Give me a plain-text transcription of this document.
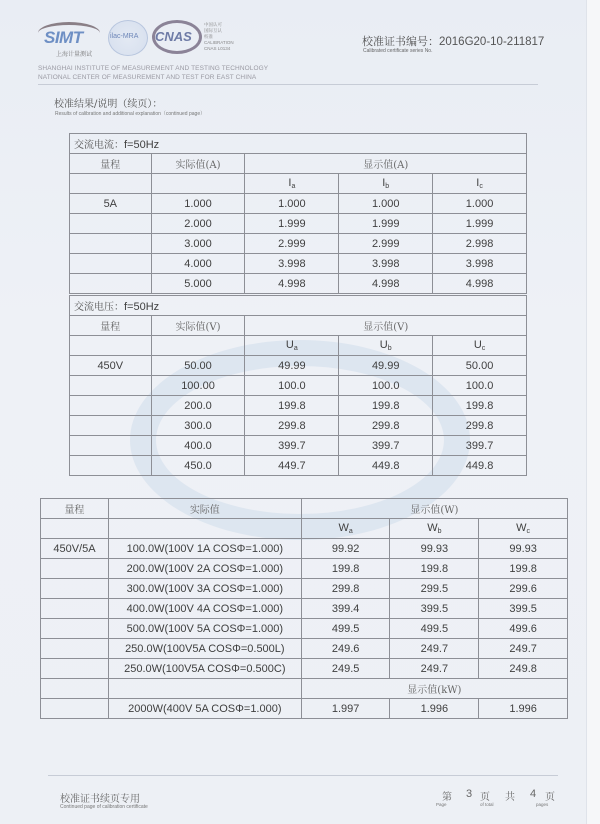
SIMT
上海计量测试
ilac-MRA CNAS
中国认可
国际互认
校准
CALIBRATION
CNAS L0134
SHANGHAI INSTITUTE OF MEASUREMENT AND TESTING TECHNOLOGY
NATIONAL CENTER OF MEASUREMENT AND TEST FOR EAST CHINA
校准证书编号：2016G20-10-211817
Calibrated certificate series No.
校准结果/说明（续页）：
Results of calibration and additional explanation（continued page）
交流电流：f=50Hz				
量程	实际值(A)	显示值(A)		
		$I_a$	$I_b$	$I_c$
5A	1.000	1.000	1.000	1.000
	2.000	1.999	1.999	1.999
	3.000	2.999	2.999	2.998
	4.000	3.998	3.998	3.998
	5.000	4.998	4.998	4.998
交流电压：f=50Hz				
量程	实际值(V)	显示值(V)		
		$U_a$	$U_b$	$U_c$
450V	50.00	49.99	49.99	50.00
	100.00	100.0	100.0	100.0
	200.0	199.8	199.8	199.8
	300.0	299.8	299.8	299.8
	400.0	399.7	399.7	399.7
	450.0	449.7	449.8	449.8
量程	实际值	显示值(W)		
		$W_a$	$W_b$	$W_c$
450V/5A	100.0W(100V 1A COSΦ=1.000)	99.92	99.93	99.93
	200.0W(100V 2A COSΦ=1.000)	199.8	199.8	199.8
	300.0W(100V 3A COSΦ=1.000)	299.8	299.5	299.6
	400.0W(100V 4A COSΦ=1.000)	399.4	399.5	399.5
	500.0W(100V 5A COSΦ=1.000)	499.5	499.5	499.6
	250.0W(100V5A COSΦ=0.500L)	249.6	249.7	249.7
	250.0W(100V5A COSΦ=0.500C)	249.5	249.7	249.8
		显示值(kW)		
	2000W(400V 5A COSΦ=1.000)	1.997	1.996	1.996
校准证书续页专用
Continued page of calibration certificate
第 3 页 共 4 页
Page	of total	pages
